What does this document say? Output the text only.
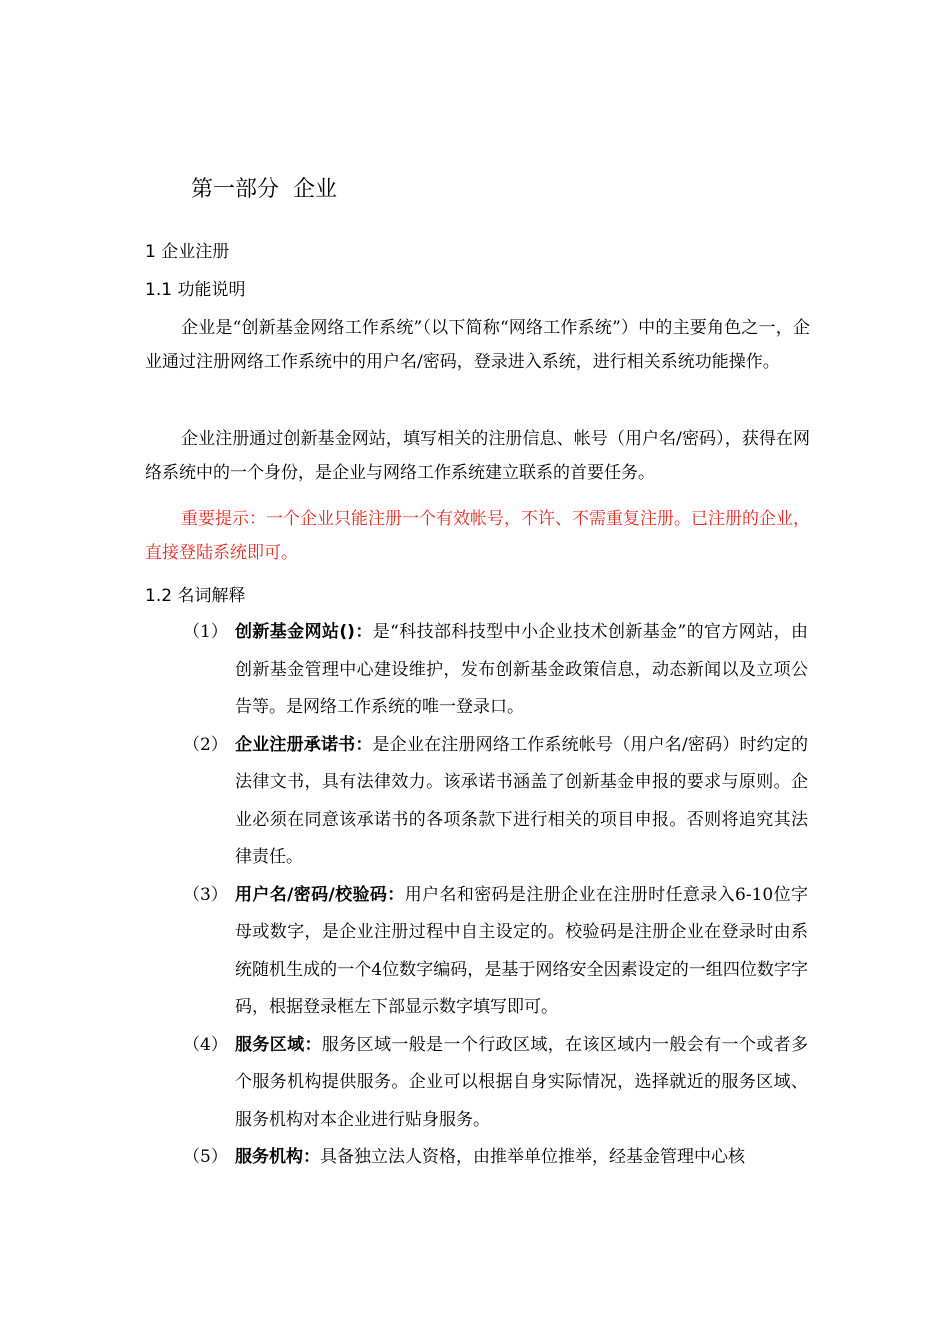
第一部分  企业
1 企业注册
1.1 功能说明

企业是“创新基金网络工作系统”（以下简称“网络工作系统”）中的主要角色之一，企业通过注册网络工作系统中的用户名/密码，登录进入系统，进行相关系统功能操作。

企业注册通过创新基金网站，填写相关的注册信息、帐号（用户名/密码），获得在网络系统中的一个身份，是企业与网络工作系统建立联系的首要任务。

重要提示：一个企业只能注册一个有效帐号，不许、不需重复注册。已注册的企业，直接登陆系统即可。

1.2 名词解释
（1） 创新基金网站()：是“科技部科技型中小企业技术创新基金”的官方网站，由创新基金管理中心建设维护，发布创新基金政策信息，动态新闻以及立项公告等。是网络工作系统的唯一登录口。
（2） 企业注册承诺书：是企业在注册网络工作系统帐号（用户名/密码）时约定的法律文书，具有法律效力。该承诺书涵盖了创新基金申报的要求与原则。企业必须在同意该承诺书的各项条款下进行相关的项目申报。否则将追究其法律责任。
（3） 用户名/密码/校验码：用户名和密码是注册企业在注册时任意录入6-10位字母或数字，是企业注册过程中自主设定的。校验码是注册企业在登录时由系统随机生成的一个4位数字编码，是基于网络安全因素设定的一组四位数字字码，根据登录框左下部显示数字填写即可。
（4） 服务区域：服务区域一般是一个行政区域，在该区域内一般会有一个或者多个服务机构提供服务。企业可以根据自身实际情况，选择就近的服务区域、服务机构对本企业进行贴身服务。
（5） 服务机构：具备独立法人资格，由推举单位推举，经基金管理中心核
